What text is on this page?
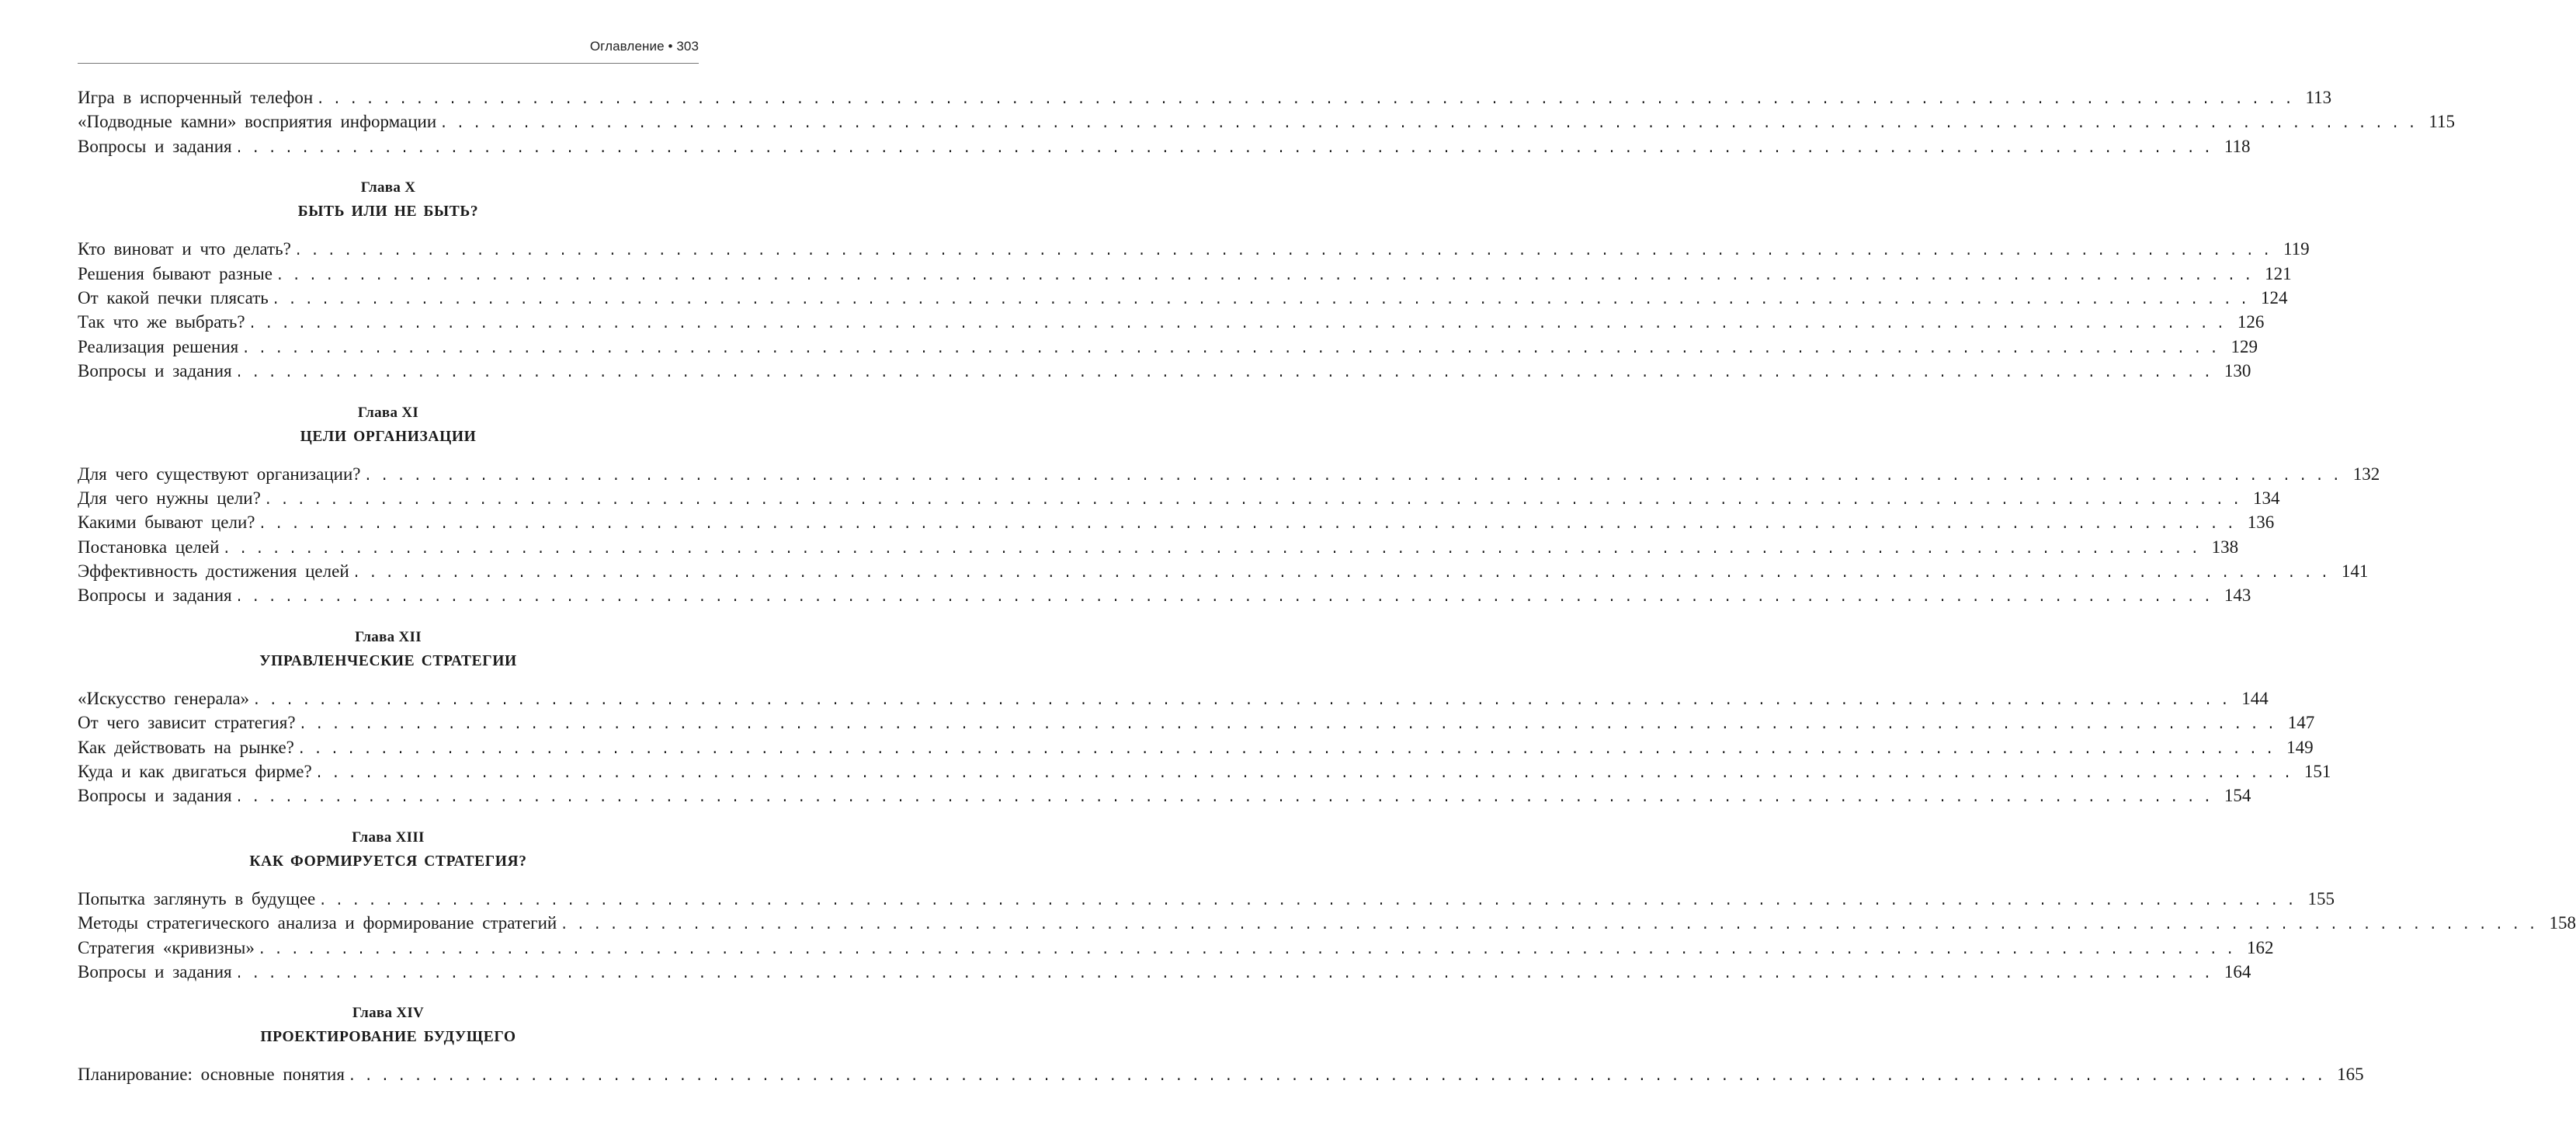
Оглавление • 303
Игра в испорченный телефон ........................................................................................................................ 113
«Подводные камни» восприятия информации ........................................................................................................................ 115
Вопросы и задания ........................................................................................................................ 118
Глава X
БЫТЬ ИЛИ НЕ БЫТЬ?
Кто виноват и что делать? ........................................................................................................................ 119
Решения бывают разные ........................................................................................................................ 121
От какой печки плясать ........................................................................................................................ 124
Так что же выбрать? ........................................................................................................................ 126
Реализация решения ........................................................................................................................ 129
Вопросы и задания ........................................................................................................................ 130
Глава XI
ЦЕЛИ ОРГАНИЗАЦИИ
Для чего существуют организации? ........................................................................................................................ 132
Для чего нужны цели? ........................................................................................................................ 134
Какими бывают цели? ........................................................................................................................ 136
Постановка целей ........................................................................................................................ 138
Эффективность достижения целей ........................................................................................................................ 141
Вопросы и задания ........................................................................................................................ 143
Глава XII
УПРАВЛЕНЧЕСКИЕ СТРАТЕГИИ
«Искусство генерала» ........................................................................................................................ 144
От чего зависит стратегия? ........................................................................................................................ 147
Как действовать на рынке? ........................................................................................................................ 149
Куда и как двигаться фирме? ........................................................................................................................ 151
Вопросы и задания ........................................................................................................................ 154
Глава XIII
КАК ФОРМИРУЕТСЯ СТРАТЕГИЯ?
Попытка заглянуть в будущее ........................................................................................................................ 155
Методы стратегического анализа и формирование стратегий ........................................................................................................................ 158
Стратегия «кривизны» ........................................................................................................................ 162
Вопросы и задания ........................................................................................................................ 164
Глава XIV
ПРОЕКТИРОВАНИЕ БУДУЩЕГО
Планирование: основные понятия ........................................................................................................................ 165
